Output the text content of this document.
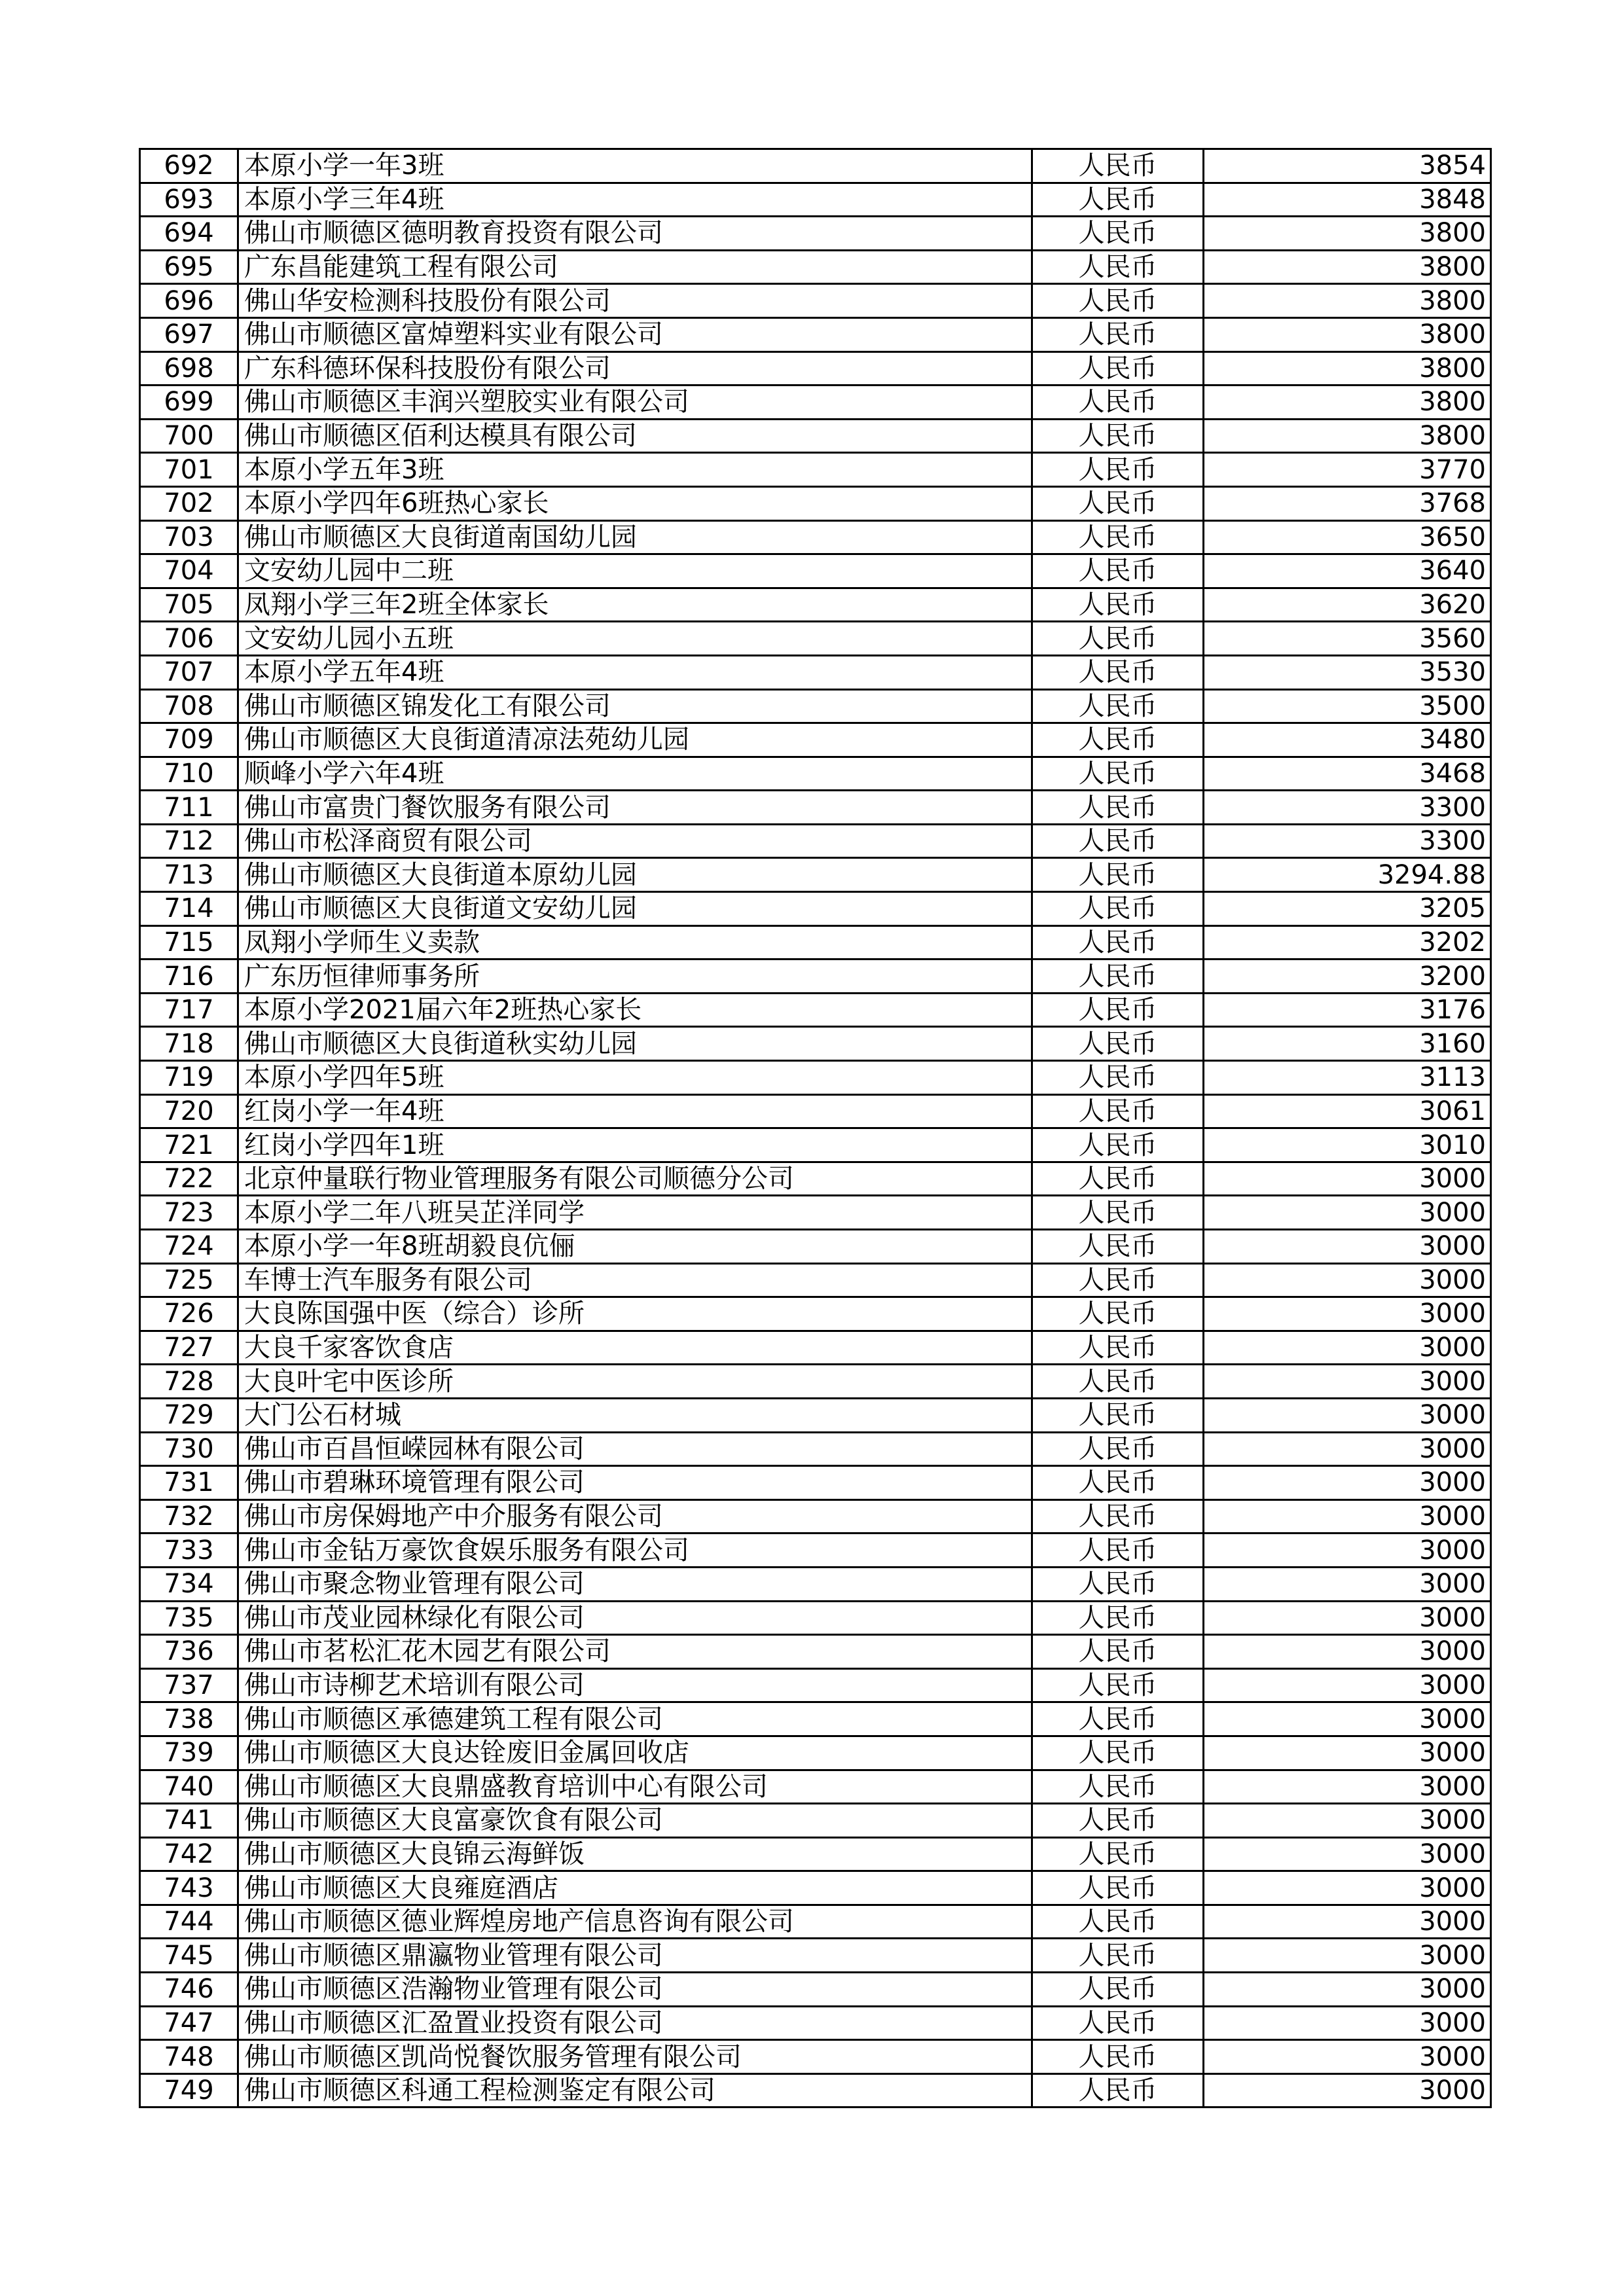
692	本原小学一年3班	人民币	3854
693	本原小学三年4班	人民币	3848
694	佛山市顺德区德明教育投资有限公司	人民币	3800
695	广东昌能建筑工程有限公司	人民币	3800
696	佛山华安检测科技股份有限公司	人民币	3800
697	佛山市顺德区富焯塑料实业有限公司	人民币	3800
698	广东科德环保科技股份有限公司	人民币	3800
699	佛山市顺德区丰润兴塑胶实业有限公司	人民币	3800
700	佛山市顺德区佰利达模具有限公司	人民币	3800
701	本原小学五年3班	人民币	3770
702	本原小学四年6班热心家长	人民币	3768
703	佛山市顺德区大良街道南国幼儿园	人民币	3650
704	文安幼儿园中二班	人民币	3640
705	凤翔小学三年2班全体家长	人民币	3620
706	文安幼儿园小五班	人民币	3560
707	本原小学五年4班	人民币	3530
708	佛山市顺德区锦发化工有限公司	人民币	3500
709	佛山市顺德区大良街道清凉法苑幼儿园	人民币	3480
710	顺峰小学六年4班	人民币	3468
711	佛山市富贵门餐饮服务有限公司	人民币	3300
712	佛山市松泽商贸有限公司	人民币	3300
713	佛山市顺德区大良街道本原幼儿园	人民币	3294.88
714	佛山市顺德区大良街道文安幼儿园	人民币	3205
715	凤翔小学师生义卖款	人民币	3202
716	广东历恒律师事务所	人民币	3200
717	本原小学2021届六年2班热心家长	人民币	3176
718	佛山市顺德区大良街道秋实幼儿园	人民币	3160
719	本原小学四年5班	人民币	3113
720	红岗小学一年4班	人民币	3061
721	红岗小学四年1班	人民币	3010
722	北京仲量联行物业管理服务有限公司顺德分公司	人民币	3000
723	本原小学二年八班吴芷洋同学	人民币	3000
724	本原小学一年8班胡毅良伉俪	人民币	3000
725	车博士汽车服务有限公司	人民币	3000
726	大良陈国强中医（综合）诊所	人民币	3000
727	大良千家客饮食店	人民币	3000
728	大良叶宅中医诊所	人民币	3000
729	大门公石材城	人民币	3000
730	佛山市百昌恒嵘园林有限公司	人民币	3000
731	佛山市碧琳环境管理有限公司	人民币	3000
732	佛山市房保姆地产中介服务有限公司	人民币	3000
733	佛山市金钻万豪饮食娱乐服务有限公司	人民币	3000
734	佛山市聚念物业管理有限公司	人民币	3000
735	佛山市茂业园林绿化有限公司	人民币	3000
736	佛山市茗松汇花木园艺有限公司	人民币	3000
737	佛山市诗柳艺术培训有限公司	人民币	3000
738	佛山市顺德区承德建筑工程有限公司	人民币	3000
739	佛山市顺德区大良达铨废旧金属回收店	人民币	3000
740	佛山市顺德区大良鼎盛教育培训中心有限公司	人民币	3000
741	佛山市顺德区大良富豪饮食有限公司	人民币	3000
742	佛山市顺德区大良锦云海鲜饭	人民币	3000
743	佛山市顺德区大良雍庭酒店	人民币	3000
744	佛山市顺德区德业辉煌房地产信息咨询有限公司	人民币	3000
745	佛山市顺德区鼎瀛物业管理有限公司	人民币	3000
746	佛山市顺德区浩瀚物业管理有限公司	人民币	3000
747	佛山市顺德区汇盈置业投资有限公司	人民币	3000
748	佛山市顺德区凯尚悦餐饮服务管理有限公司	人民币	3000
749	佛山市顺德区科通工程检测鉴定有限公司	人民币	3000
